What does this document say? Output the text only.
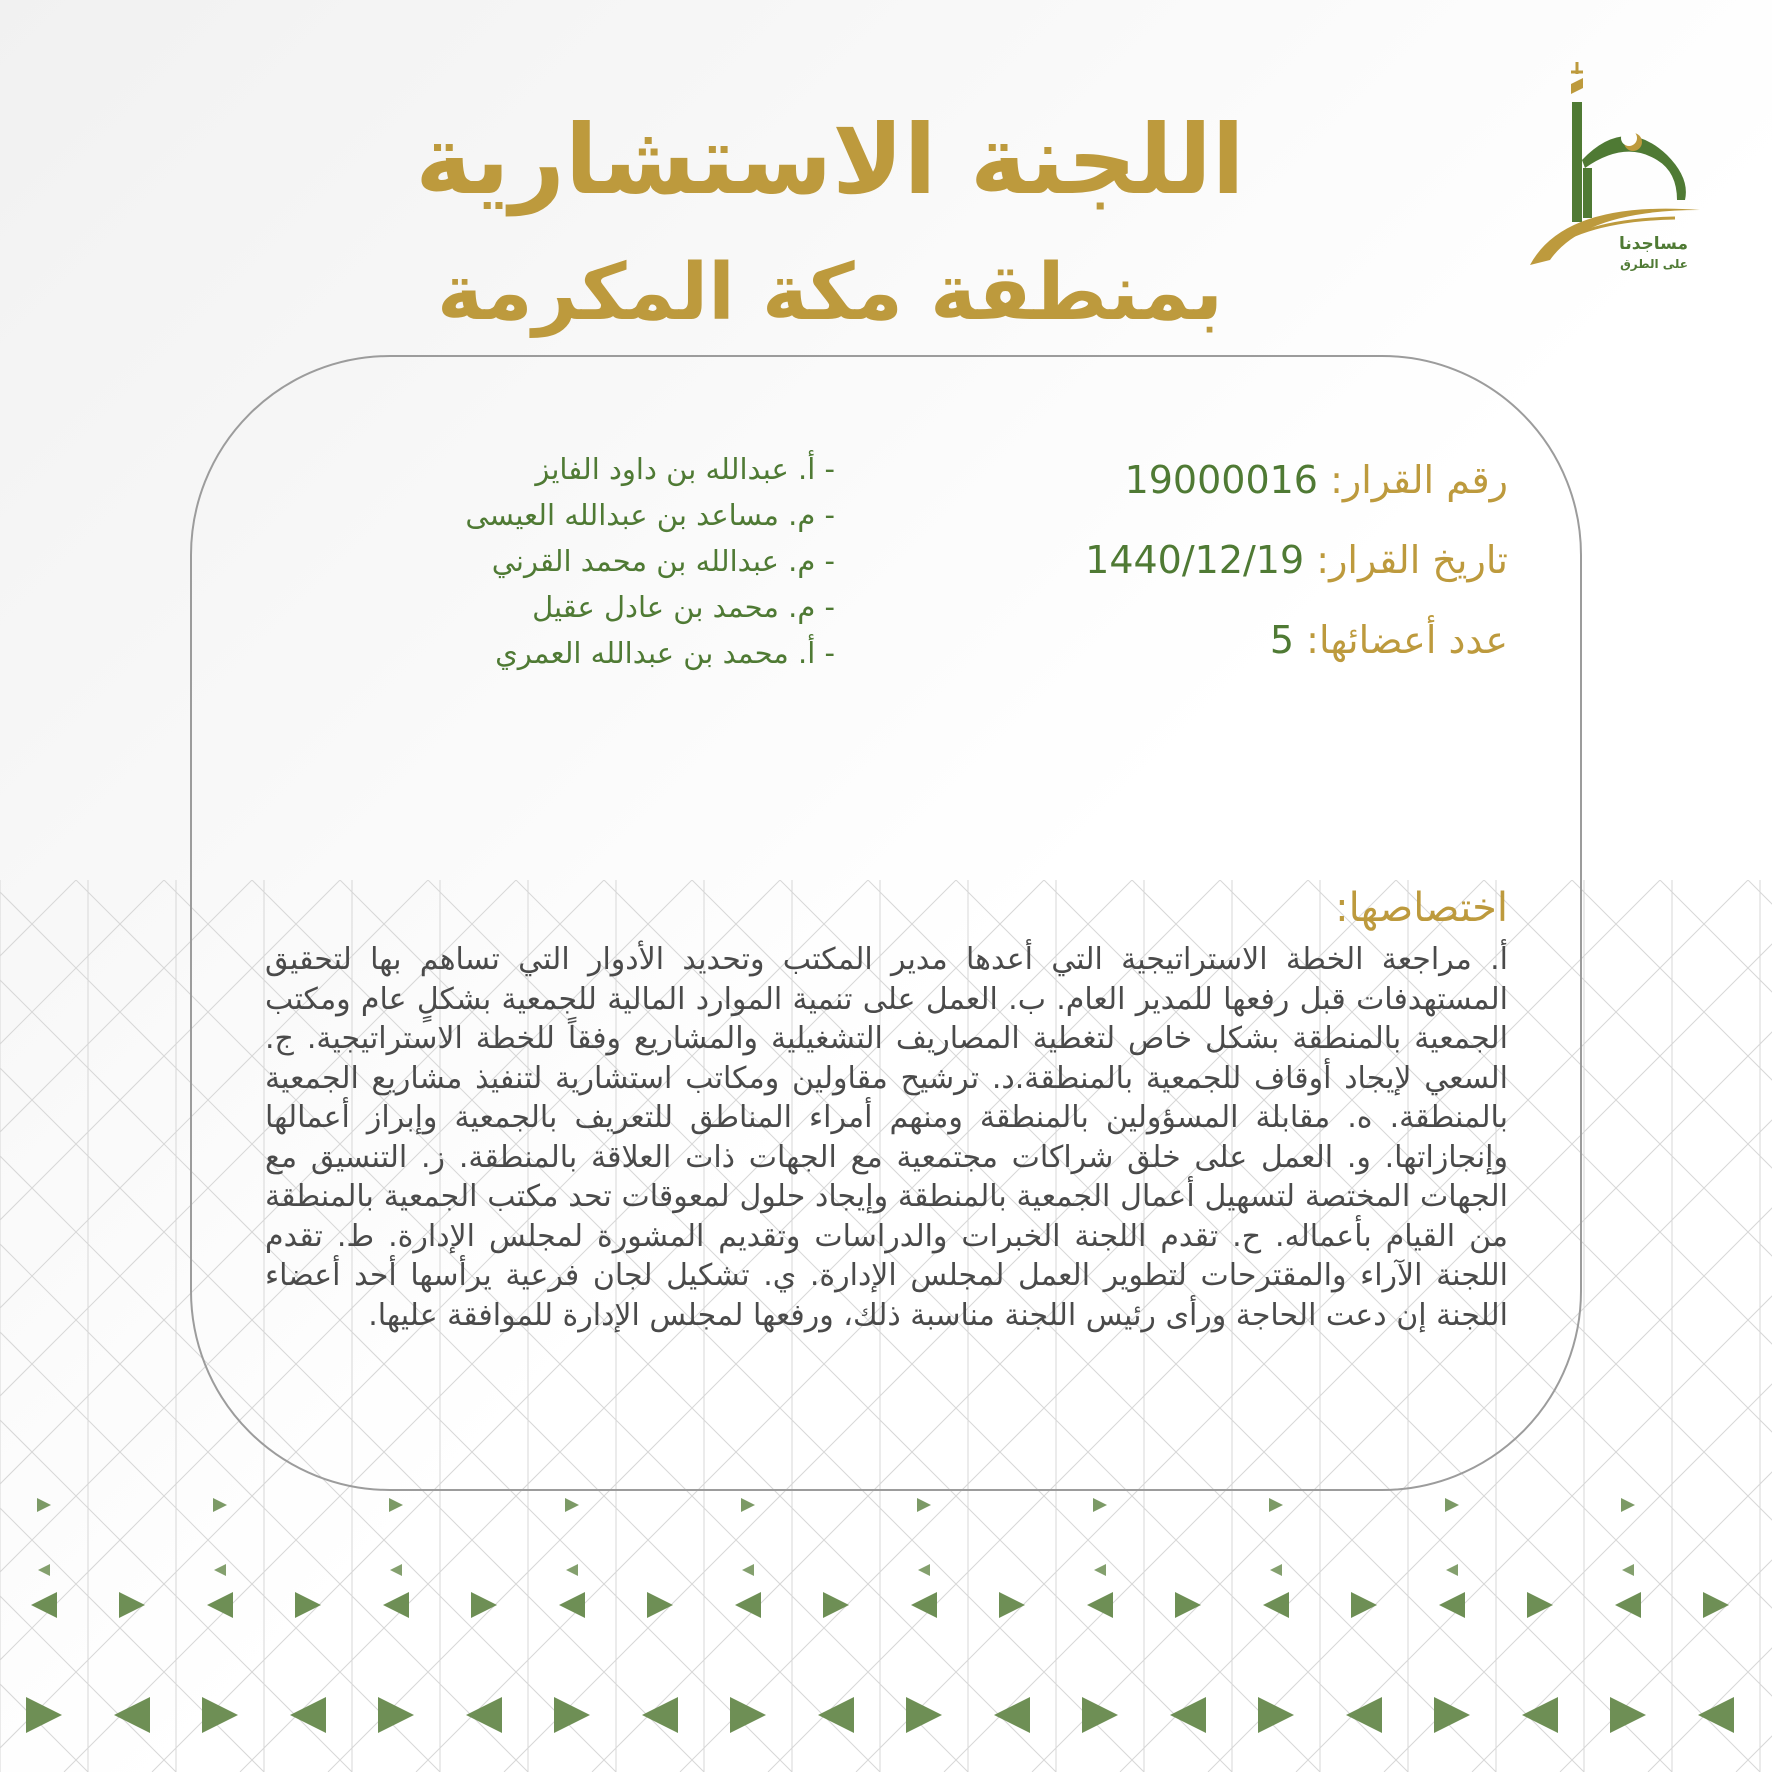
مساجدنا
على الطرق
اللجنة الاستشارية
بمنطقة مكة المكرمة
رقم القرار: 19000016
تاريخ القرار: 1440/12/19
عدد أعضائها: 5
- أ. عبدالله بن داود الفايز
- م. مساعد بن عبدالله العيسى
- م. عبدالله بن محمد القرني
- م. محمد بن عادل عقيل
- أ. محمد بن عبدالله العمري
اختصاصها:
أ. مراجعة الخطة الاستراتيجية التي أعدها مدير المكتب وتحديد الأدوار التي تساهم بها لتحقيق المستهدفات قبل رفعها للمدير العام. ب. العمل على تنمية الموارد المالية للجمعية بشكلٍ عام ومكتب الجمعية بالمنطقة بشكل خاص لتغطية المصاريف التشغيلية والمشاريع وفقاً للخطة الاستراتيجية. ج. السعي لإيجاد أوقاف للجمعية بالمنطقة.د. ترشيح مقاولين ومكاتب استشارية لتنفيذ مشاريع الجمعية بالمنطقة. ه. مقابلة المسؤولين بالمنطقة ومنهم أمراء المناطق للتعريف بالجمعية وإبراز أعمالها وإنجازاتها. و. العمل على خلق شراكات مجتمعية مع الجهات ذات العلاقة بالمنطقة. ز. التنسيق مع الجهات المختصة لتسهيل أعمال الجمعية بالمنطقة وإيجاد حلول لمعوقات تحد مكتب الجمعية بالمنطقة من القيام بأعماله. ح. تقدم اللجنة الخبرات والدراسات وتقديم المشورة لمجلس الإدارة. ط. تقدم اللجنة الآراء والمقترحات لتطوير العمل لمجلس الإدارة. ي. تشكيل لجان فرعية يرأسها أحد أعضاء اللجنة إن دعت الحاجة ورأى رئيس اللجنة مناسبة ذلك، ورفعها لمجلس الإدارة للموافقة عليها.
